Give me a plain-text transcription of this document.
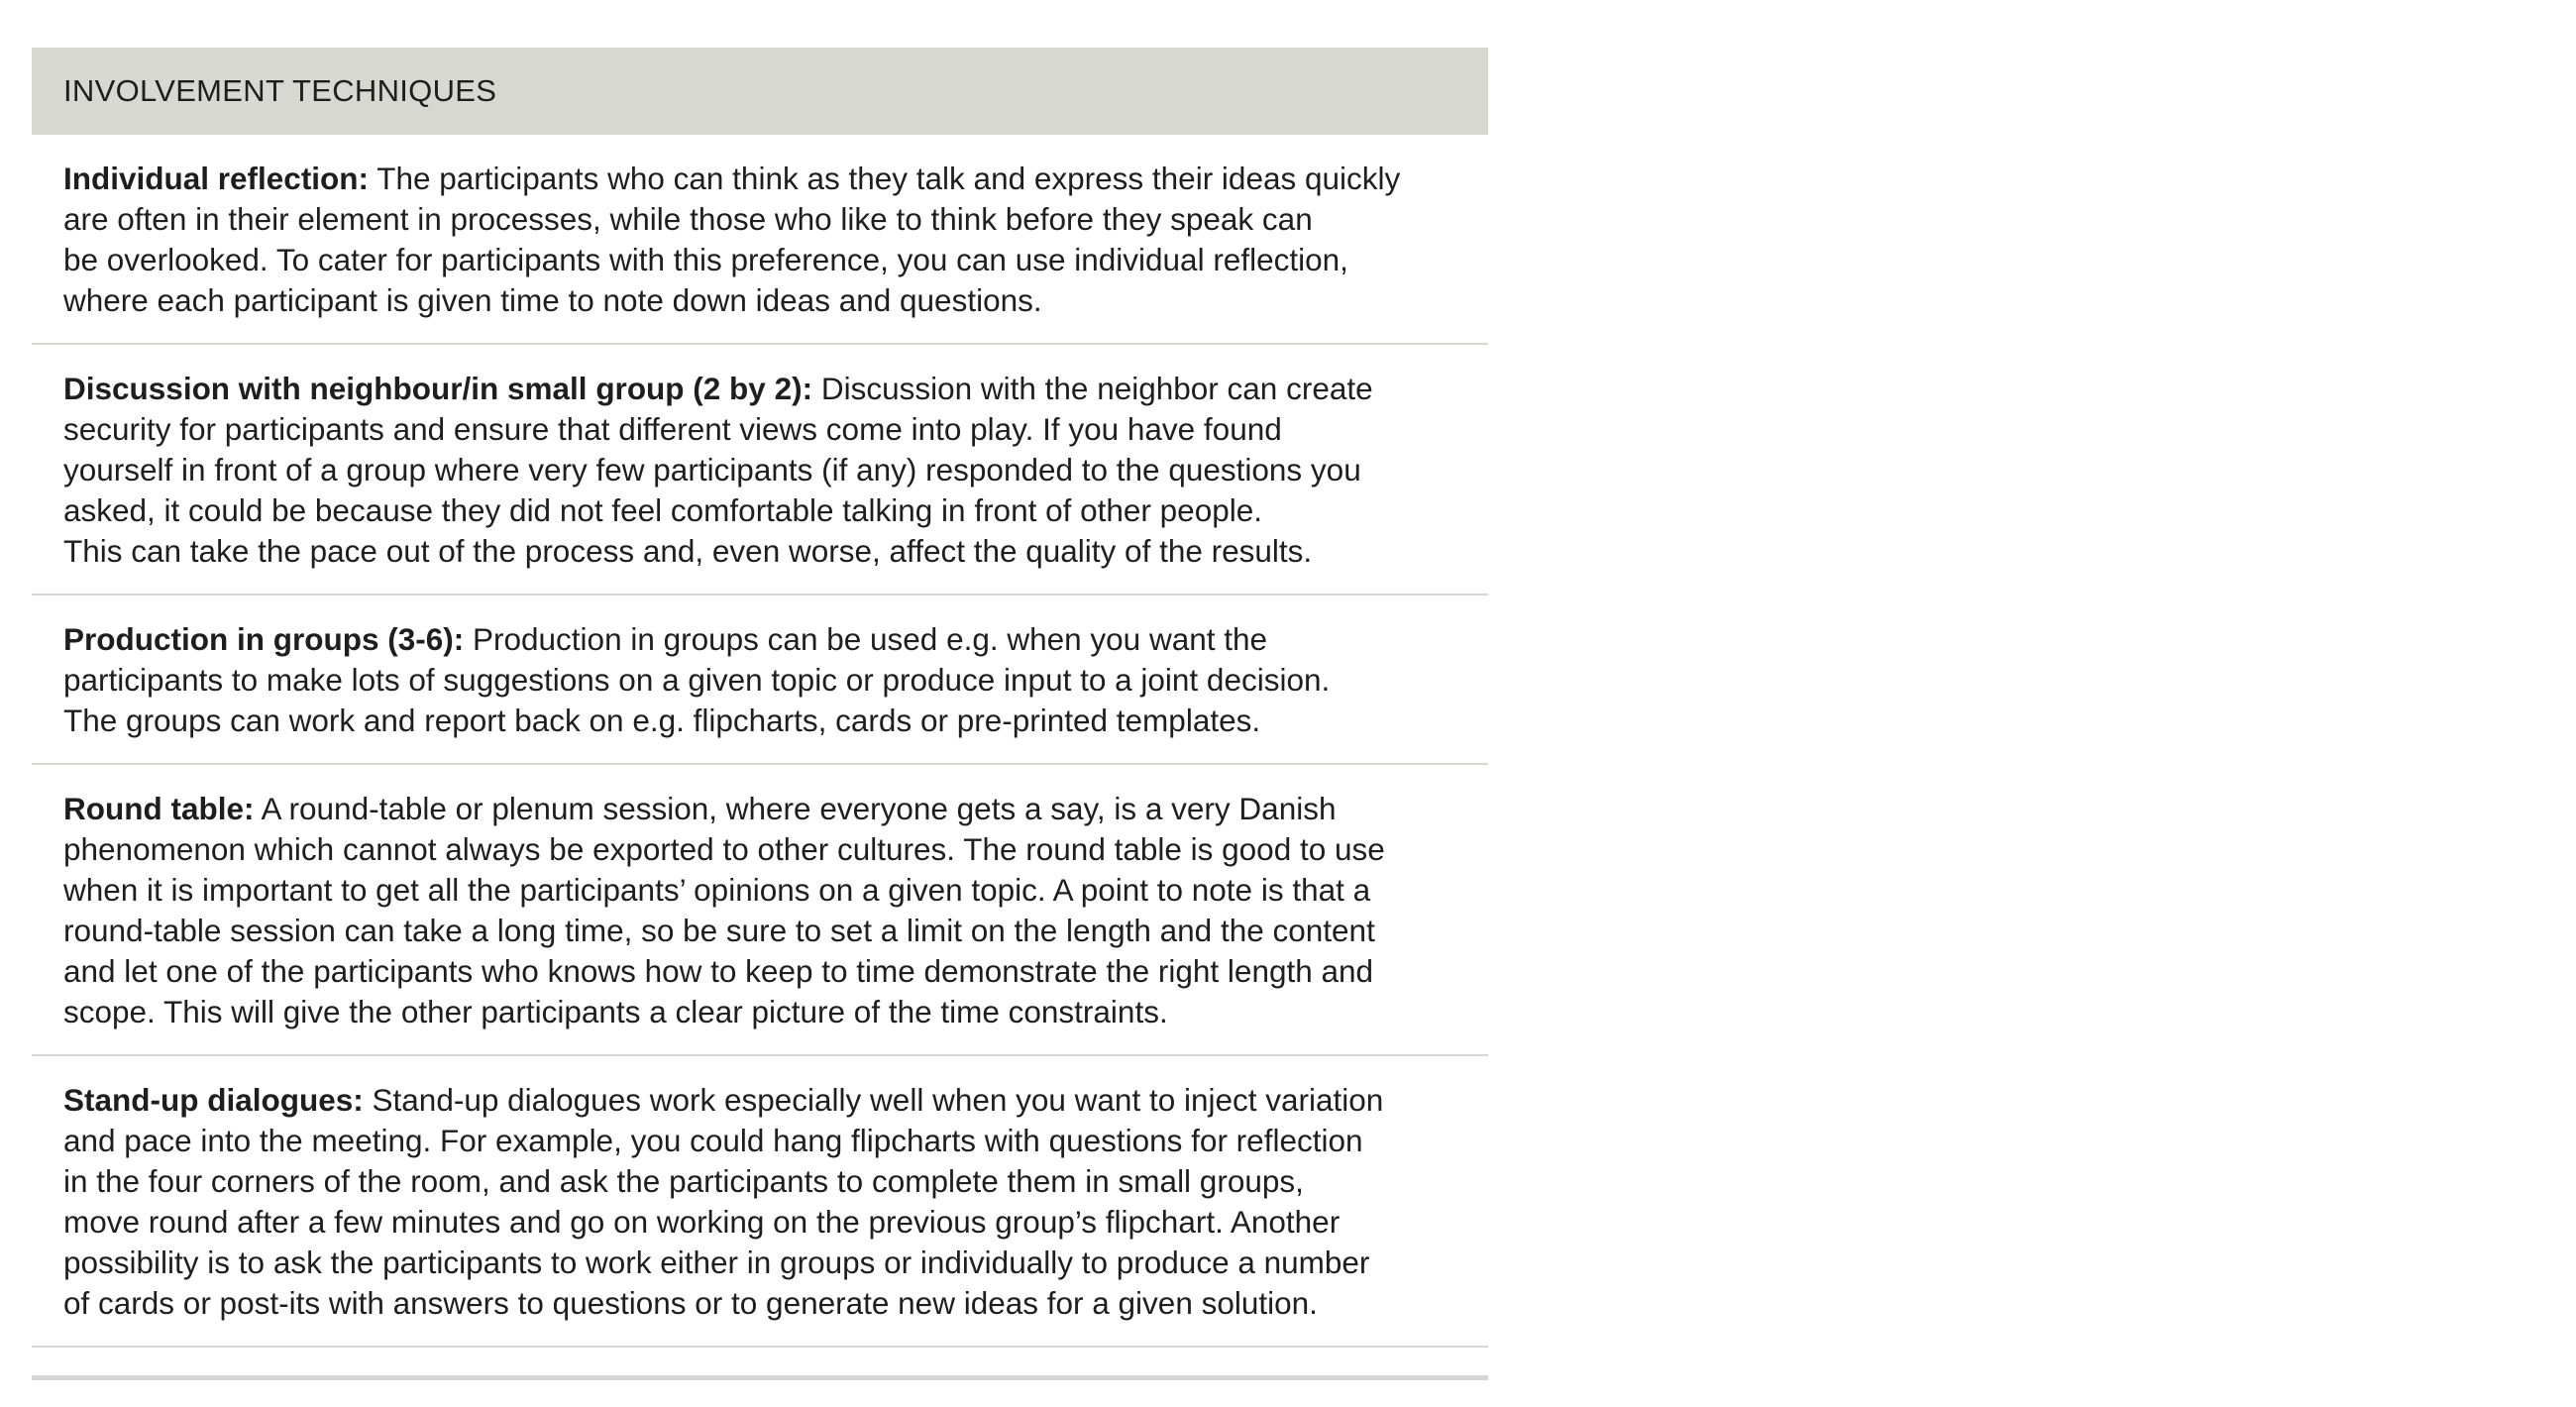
INVOLVEMENT TECHNIQUES
Individual reflection: The participants who can think as they talk and express their ideas quickly
are often in their element in processes, while those who like to think before they speak can
be overlooked. To cater for participants with this preference, you can use individual reflection,
where each participant is given time to note down ideas and questions.
Discussion with neighbour/in small group (2 by 2): Discussion with the neighbor can create
security for participants and ensure that different views come into play. If you have found
yourself in front of a group where very few participants (if any) responded to the questions you
asked, it could be because they did not feel comfortable talking in front of other people.
This can take the pace out of the process and, even worse, affect the quality of the results.
Production in groups (3-6): Production in groups can be used e.g. when you want the
participants to make lots of suggestions on a given topic or produce input to a joint decision.
The groups can work and report back on e.g. flipcharts, cards or pre-printed templates.
Round table: A round-table or plenum session, where everyone gets a say, is a very Danish
phenomenon which cannot always be exported to other cultures. The round table is good to use
when it is important to get all the participants’ opinions on a given topic. A point to note is that a
round-table session can take a long time, so be sure to set a limit on the length and the content
and let one of the participants who knows how to keep to time demonstrate the right length and
scope. This will give the other participants a clear picture of the time constraints.
Stand-up dialogues: Stand-up dialogues work especially well when you want to inject variation
and pace into the meeting. For example, you could hang flipcharts with questions for reflection
in the four corners of the room, and ask the participants to complete them in small groups,
move round after a few minutes and go on working on the previous group’s flipchart. Another
possibility is to ask the participants to work either in groups or individually to produce a number
of cards or post-its with answers to questions or to generate new ideas for a given solution.
